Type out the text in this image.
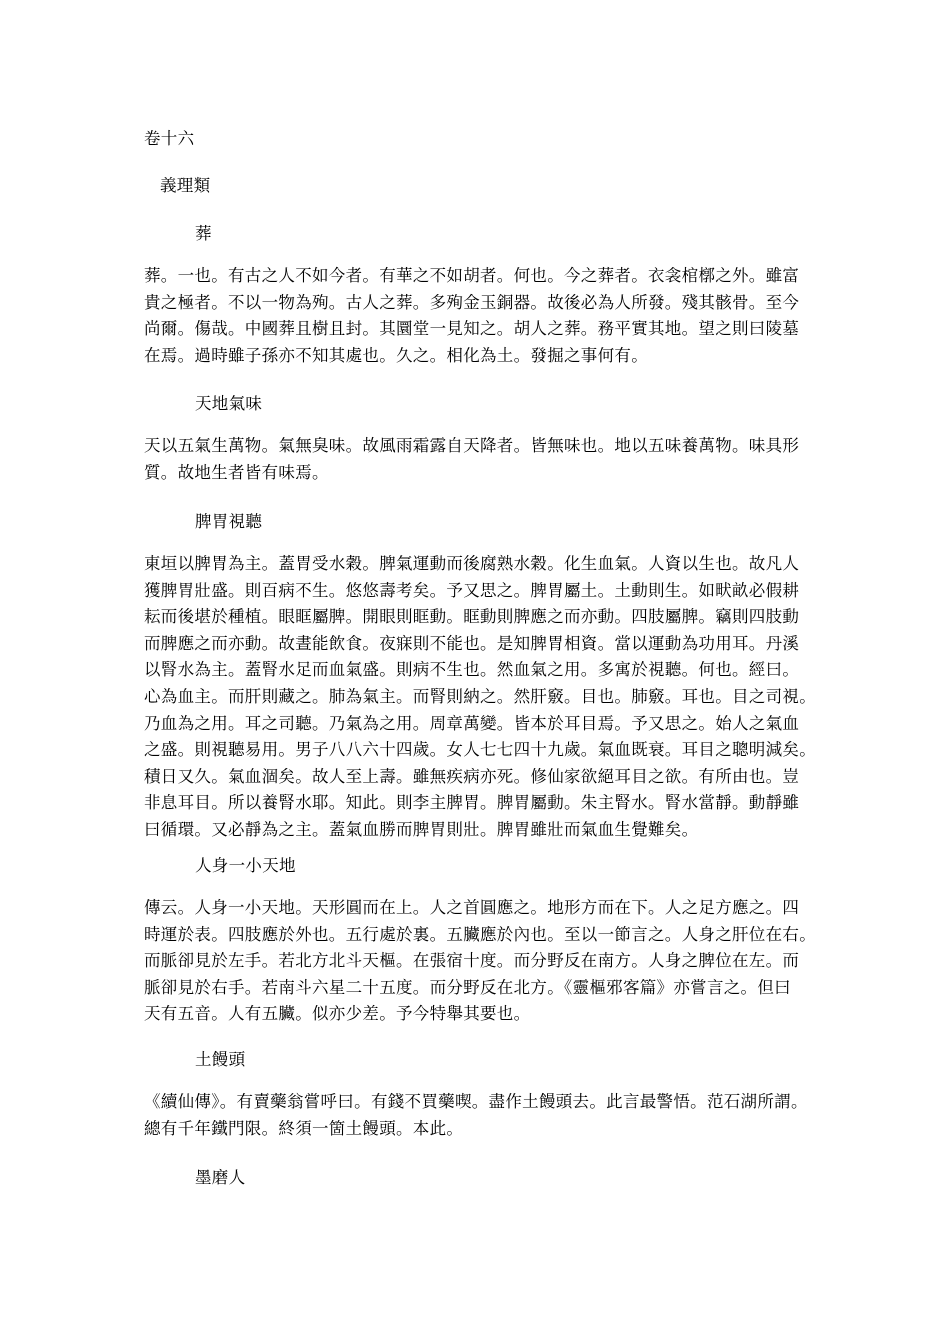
卷十六
義理類
葬
葬。一也。有古之人不如今者。有華之不如胡者。何也。今之葬者。衣衾棺槨之外。雖富
貴之極者。不以一物為殉。古人之葬。多殉金玉銅器。故後必為人所發。殘其骸骨。至今
尚爾。傷哉。中國葬且樹且封。其圜堂一見知之。胡人之葬。務平實其地。望之則曰陵墓
在焉。過時雖子孫亦不知其處也。久之。相化為土。發掘之事何有。
天地氣味
天以五氣生萬物。氣無臭味。故風雨霜露自天降者。皆無味也。地以五味養萬物。味具形
質。故地生者皆有味焉。
脾胃視聽
東垣以脾胃為主。蓋胃受水穀。脾氣運動而後腐熟水穀。化生血氣。人資以生也。故凡人
獲脾胃壯盛。則百病不生。悠悠壽考矣。予又思之。脾胃屬土。土動則生。如畎畝必假耕
耘而後堪於種植。眼眶屬脾。開眼則眶動。眶動則脾應之而亦動。四肢屬脾。竊則四肢動
而脾應之而亦動。故晝能飲食。夜寐則不能也。是知脾胃相資。當以運動為功用耳。丹溪
以腎水為主。蓋腎水足而血氣盛。則病不生也。然血氣之用。多寓於視聽。何也。經曰。
心為血主。而肝則藏之。肺為氣主。而腎則納之。然肝竅。目也。肺竅。耳也。目之司視。
乃血為之用。耳之司聽。乃氣為之用。周章萬變。皆本於耳目焉。予又思之。始人之氣血
之盛。則視聽易用。男子八八六十四歲。女人七七四十九歲。氣血既衰。耳目之聰明減矣。
積日又久。氣血涸矣。故人至上壽。雖無疾病亦死。修仙家欲絕耳目之欲。有所由也。豈
非息耳目。所以養腎水耶。知此。則李主脾胃。脾胃屬動。朱主腎水。腎水當靜。動靜雖
曰循環。又必靜為之主。蓋氣血勝而脾胃則壯。脾胃雖壯而氣血生覺難矣。
人身一小天地
傳云。人身一小天地。天形圓而在上。人之首圓應之。地形方而在下。人之足方應之。四
時運於表。四肢應於外也。五行處於裏。五臟應於內也。至以一節言之。人身之肝位在右。
而脈卻見於左手。若北方北斗天樞。在張宿十度。而分野反在南方。人身之脾位在左。而
脈卻見於右手。若南斗六星二十五度。而分野反在北方。《靈樞邪客篇》亦嘗言之。但曰
天有五音。人有五臟。似亦少差。予今特舉其要也。
土饅頭
《續仙傳》。有賣藥翁嘗呼曰。有錢不買藥喫。盡作土饅頭去。此言最警悟。范石湖所謂。
總有千年鐵門限。終須一箇土饅頭。本此。
墨磨人
